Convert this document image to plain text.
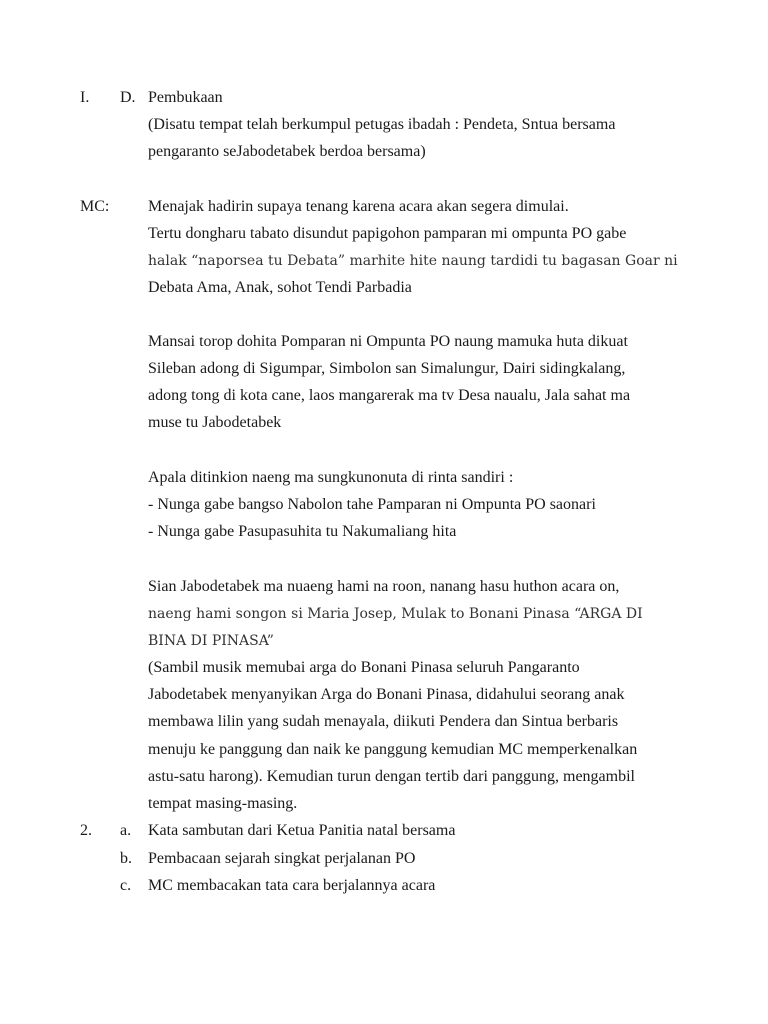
I. D. Pembukaan
(Disatu tempat telah berkumpul petugas ibadah : Pendeta, Sntua bersama
pengaranto seJabodetabek berdoa bersama)
MC: Menajak hadirin supaya tenang karena acara akan segera dimulai.
Tertu dongharu tabato disundut papigohon pamparan mi ompunta PO gabe
halak “naporsea tu Debata” marhite hite naung tardidi tu bagasan Goar ni
Debata Ama, Anak, sohot Tendi Parbadia
Mansai torop dohita Pomparan ni Ompunta PO naung mamuka huta dikuat
Sileban adong di Sigumpar, Simbolon san Simalungur, Dairi sidingkalang,
adong tong di kota cane, laos mangarerak ma tv Desa naualu, Jala sahat ma
muse tu Jabodetabek
Apala ditinkion naeng ma sungkunonuta di rinta sandiri :
- Nunga gabe bangso Nabolon tahe Pamparan ni Ompunta PO saonari
- Nunga gabe Pasupasuhita tu Nakumaliang hita
Sian Jabodetabek ma nuaeng hami na roon, nanang hasu huthon acara on,
naeng hami songon si Maria Josep, Mulak to Bonani Pinasa “ARGA DI
BINA DI PINASA”
(Sambil musik memubai arga do Bonani Pinasa seluruh Pangaranto
Jabodetabek menyanyikan Arga do Bonani Pinasa, didahului seorang anak
membawa lilin yang sudah menayala, diikuti Pendera dan Sintua berbaris
menuju ke panggung dan naik ke panggung kemudian MC memperkenalkan
astu-satu harong). Kemudian turun dengan tertib dari panggung, mengambil
tempat masing-masing.
2. a. Kata sambutan dari Ketua Panitia natal bersama
b. Pembacaan sejarah singkat perjalanan PO
c. MC membacakan tata cara berjalannya acara
